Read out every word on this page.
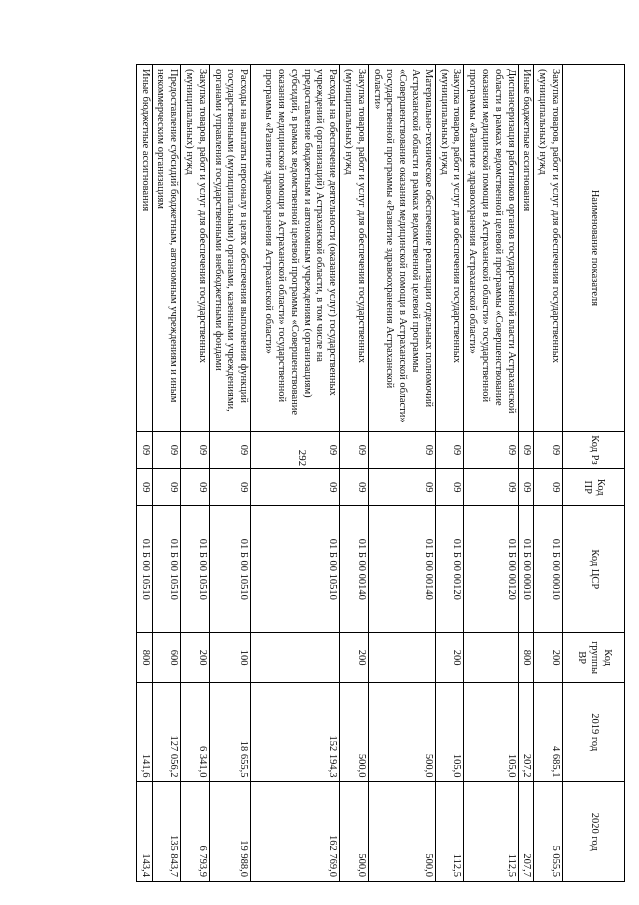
292
Наименование показателя	Код Рз	Код ПР	Код ЦСР	Код группы ВР	2019 год	2020 год
Закупка товаров, работ и услуг для обеспечения государственных (муниципальных) нужд	09	09	01 Б 00 00010	200	4 685,1	5 055,5
Иные бюджетные ассигнования	09	09	01 Б 00 00010	800	207,2	207,7
Диспансеризация работников органов государственной власти Астраханской области в рамках ведомственной целевой программы «Совершенствование оказания медицинской помощи в Астраханской области» государственной программы «Развитие здравоохранения Астраханской области»	09	09	01 Б 00 00120		105,0	112,5
Закупка товаров, работ и услуг для обеспечения государственных (муниципальных) нужд	09	09	01 Б 00 00120	200	105,0	112,5
Материально-техническое обеспечение реализации отдельных полномочий Астраханской области в рамках ведомственной целевой программы «Совершенствование оказания медицинской помощи в Астраханской области» государственной программы «Развитие здравоохранения Астраханской области»	09	09	01 Б 00 00140		500,0	500,0
Закупка товаров, работ и услуг для обеспечения государственных (муниципальных) нужд	09	09	01 Б 00 00140	200	500,0	500,0
Расходы на обеспечение деятельности (оказание услуг) государственных учреждений (организаций) Астраханской области, в том числе на предоставление бюджетным и автономным учреждениям (организациям) субсидий, в рамках ведомственной целевой программы «Совершенствование оказания медицинской помощи в Астраханской области» государственной программы «Развитие здравоохранения Астраханской области»	09	09	01 Б 00 10510		152 194,3	162 769,0
Расходы на выплаты персоналу в целях обеспечения выполнения функций государственными (муниципальными) органами, казенными учреждениями, органами управления государственными внебюджетными фондами	09	09	01 Б 00 10510	100	18 655,5	19 988,0
Закупка товаров, работ и услуг для обеспечения государственных (муниципальных) нужд	09	09	01 Б 00 10510	200	6 341,0	6 793,9
Предоставление субсидий бюджетным, автономным учреждениям и иным некоммерческим организациям	09	09	01 Б 00 10510	600	127 056,2	135 843,7
Иные бюджетные ассигнования	09	09	01 Б 00 10510	800	141,6	143,4
